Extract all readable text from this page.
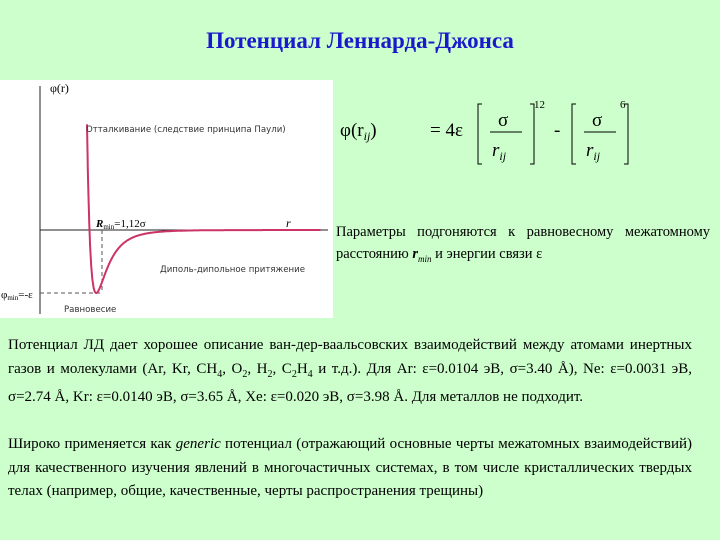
Потенциал Леннарда-Джонса
φ(r)
r
Отталкивание (следствие принципа Паули)
Диполь-дипольное притяжение
Равновесие
Rmin=1,12σ
φmin=-ε
$\varphi(r_{ij})$	= 4ε σ
$r_{ij}$
12
- σ
$r_{ij}$
6
Параметры подгоняются к равновесному межатомному расстоянию $r_{min}$ и энергии связи ε

Потенциал ЛД дает хорошее описание ван-дер-ваальсовских взаимодействий между атомами инертных газов и молекулами (Ar, Kr, $CH_4$, $O_2$, $H_2$, $C_2H_4$ и т.д.). Для Ar: ε=0.0104 эВ, σ=3.40 Å), Ne: ε=0.0031 эВ, σ=2.74 Å, Kr: ε=0.0140 эВ, σ=3.65 Å, Xe: ε=0.020 эВ, σ=3.98 Å. Для металлов не подходит.

Широко применяется как generic потенциал (отражающий основные черты межатомных взаимодействий) для качественного изучения явлений в многочастичных системах, в том числе кристаллических твердых телах (например, общие, качественные, черты распространения трещины)
